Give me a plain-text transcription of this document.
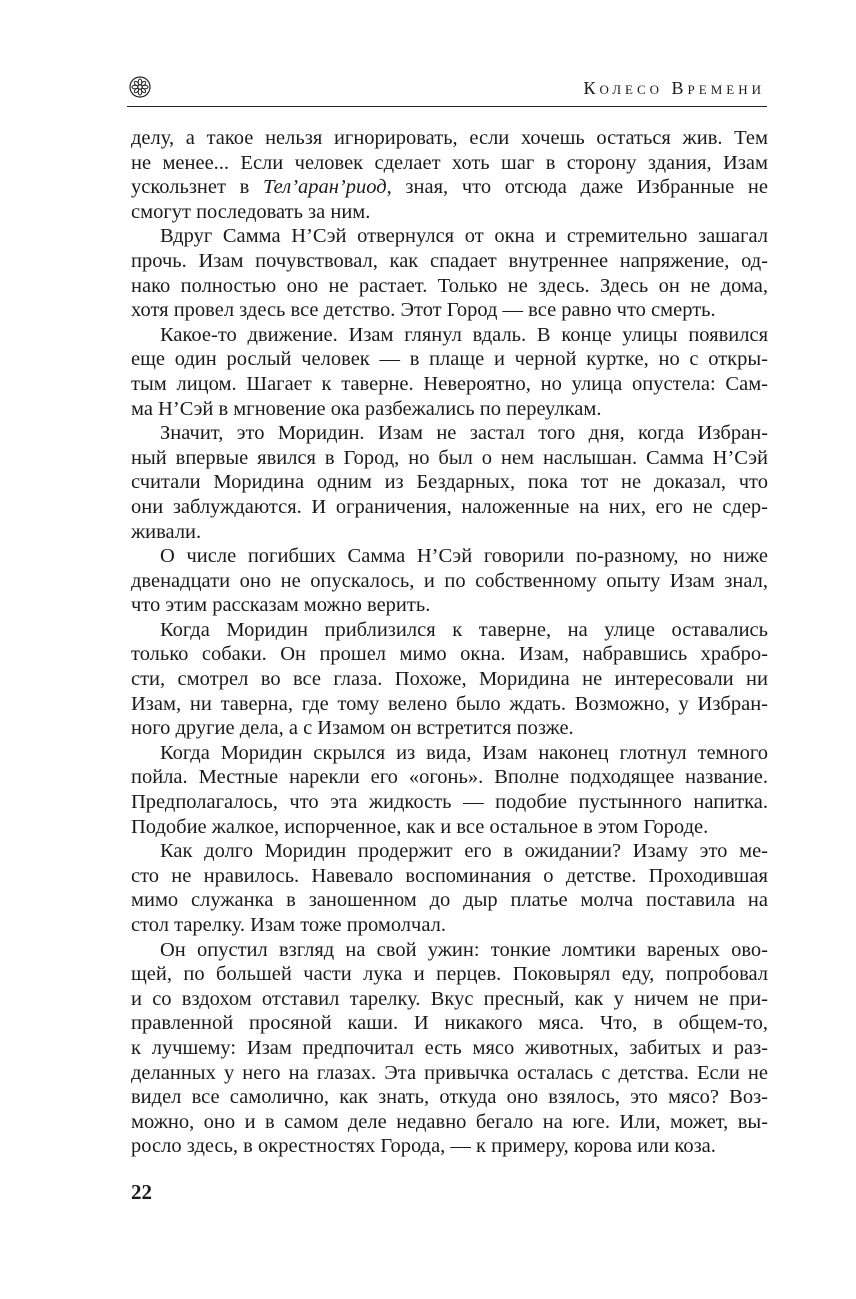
Колесо Времени
делу, а такое нельзя игнорировать, если хочешь остаться жив. Тем
не менее... Если человек сделает хоть шаг в сторону здания, Изам
ускользнет в Тел’аран’риод, зная, что отсюда даже Избранные не
смогут последовать за ним.
Вдруг Самма Н’Сэй отвернулся от окна и стремительно зашагал
прочь. Изам почувствовал, как спадает внутреннее напряжение, од-
нако полностью оно не растает. Только не здесь. Здесь он не дома,
хотя провел здесь все детство. Этот Город — все равно что смерть.
Какое-то движение. Изам глянул вдаль. В конце улицы появился
еще один рослый человек — в плаще и черной куртке, но с откры-
тым лицом. Шагает к таверне. Невероятно, но улица опустела: Сам-
ма Н’Сэй в мгновение ока разбежались по переулкам.
Значит, это Моридин. Изам не застал того дня, когда Избран-
ный впервые явился в Город, но был о нем наслышан. Самма Н’Сэй
считали Моридина одним из Бездарных, пока тот не доказал, что
они заблуждаются. И ограничения, наложенные на них, его не сдер-
живали.
О числе погибших Самма Н’Сэй говорили по-разному, но ниже
двенадцати оно не опускалось, и по собственному опыту Изам знал,
что этим рассказам можно верить.
Когда Моридин приблизился к таверне, на улице оставались
только собаки. Он прошел мимо окна. Изам, набравшись храбро-
сти, смотрел во все глаза. Похоже, Моридина не интересовали ни
Изам, ни таверна, где тому велено было ждать. Возможно, у Избран-
ного другие дела, а с Изамом он встретится позже.
Когда Моридин скрылся из вида, Изам наконец глотнул темного
пойла. Местные нарекли его «огонь». Вполне подходящее название.
Предполагалось, что эта жидкость — подобие пустынного напитка.
Подобие жалкое, испорченное, как и все остальное в этом Городе.
Как долго Моридин продержит его в ожидании? Изаму это ме-
сто не нравилось. Навевало воспоминания о детстве. Проходившая
мимо служанка в заношенном до дыр платье молча поставила на
стол тарелку. Изам тоже промолчал.
Он опустил взгляд на свой ужин: тонкие ломтики вареных ово-
щей, по большей части лука и перцев. Поковырял еду, попробовал
и со вздохом отставил тарелку. Вкус пресный, как у ничем не при-
правленной просяной каши. И никакого мяса. Что, в общем-то,
к лучшему: Изам предпочитал есть мясо животных, забитых и раз-
деланных у него на глазах. Эта привычка осталась с детства. Если не
видел все самолично, как знать, откуда оно взялось, это мясо? Воз-
можно, оно и в самом деле недавно бегало на юге. Или, может, вы-
росло здесь, в окрестностях Города, — к примеру, корова или коза.
22
